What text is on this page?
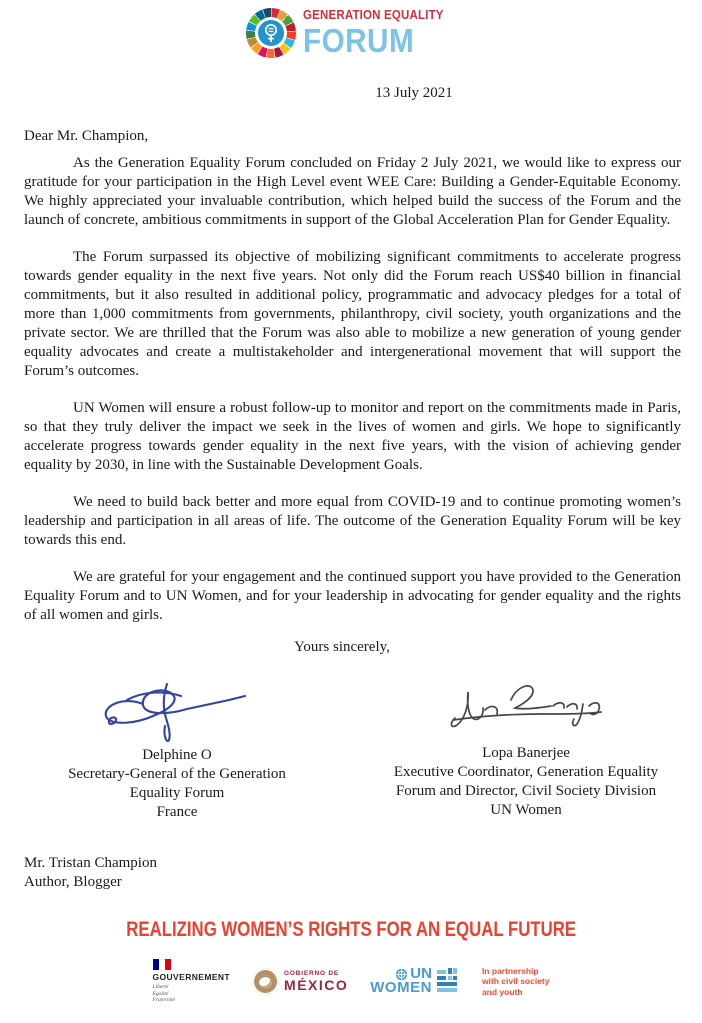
GENERATION EQUALITY
FORUM
13 July 2021
Dear Mr. Champion,

As the Generation Equality Forum concluded on Friday 2 July 2021, we would like to express our gratitude for your participation in the High Level event WEE Care: Building a Gender-Equitable Economy. We highly appreciated your invaluable contribution, which helped build the success of the Forum and the launch of concrete, ambitious commitments in support of the Global Acceleration Plan for Gender Equality.

The Forum surpassed its objective of mobilizing significant commitments to accelerate progress towards gender equality in the next five years. Not only did the Forum reach US$40 billion in financial commitments, but it also resulted in additional policy, programmatic and advocacy pledges for a total of more than 1,000 commitments from governments, philanthropy, civil society, youth organizations and the private sector. We are thrilled that the Forum was also able to mobilize a new generation of young gender equality advocates and create a multistakeholder and intergenerational movement that will support the Forum’s outcomes.

UN Women will ensure a robust follow-up to monitor and report on the commitments made in Paris, so that they truly deliver the impact we seek in the lives of women and girls. We hope to significantly accelerate progress towards gender equality in the next five years, with the vision of achieving gender equality by 2030, in line with the Sustainable Development Goals.

We need to build back better and more equal from COVID-19 and to continue promoting women’s leadership and participation in all areas of life. The outcome of the Generation Equality Forum will be key towards this end.

We are grateful for your engagement and the continued support you have provided to the Generation Equality Forum and to UN Women, and for your leadership in advocating for gender equality and the rights of all women and girls.

Yours sincerely,
Delphine O
Secretary-General of the Generation
Equality Forum
France
Lopa Banerjee
Executive Coordinator, Generation Equality
Forum and Director, Civil Society Division
UN Women
Mr. Tristan Champion
Author, Blogger
REALIZING WOMEN’S RIGHTS FOR AN EQUAL FUTURE
GOUVERNEMENT
Liberté
Égalité
Fraternité
GOBIERNO DE
MÉXICO
UN
WOMEN
In partnership
with civil society
and youth
